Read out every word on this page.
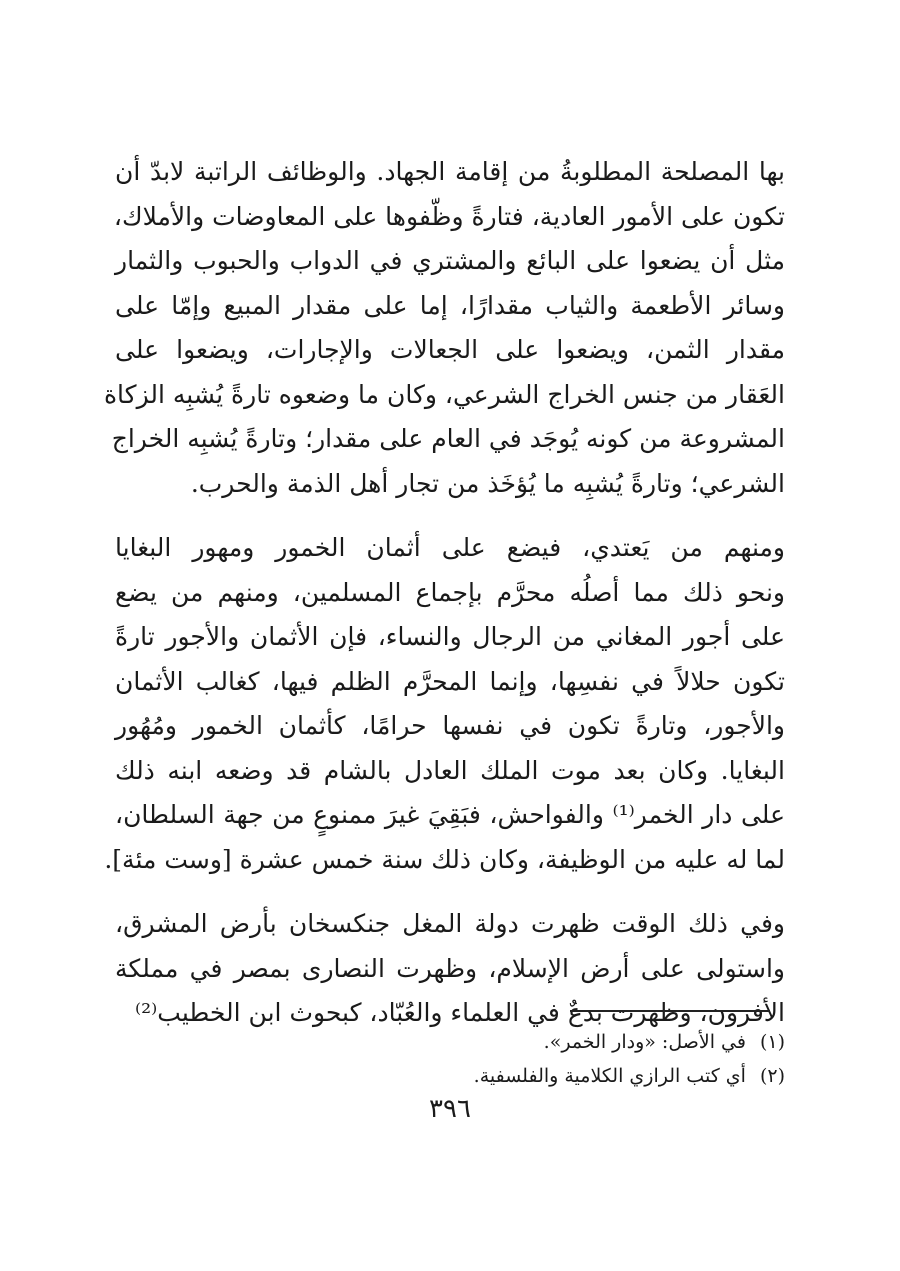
بها المصلحة المطلوبةُ من إقامة الجهاد. والوظائف الراتبة لابدّ أن
تكون على الأمور العادية، فتارةً وظّفوها على المعاوضات والأملاك،
مثل أن يضعوا على البائع والمشتري في الدواب والحبوب والثمار
وسائر الأطعمة والثياب مقدارًا، إما على مقدار المبيع وإمّا على
مقدار الثمن، ويضعوا على الجعالات والإجارات، ويضعوا على
العَقار من جنس الخراج الشرعي، وكان ما وضعوه تارةً يُشبِه الزكاة
المشروعة من كونه يُوجَد في العام على مقدار؛ وتارةً يُشبِه الخراج
الشرعي؛ وتارةً يُشبِه ما يُؤخَذ من تجار أهل الذمة والحرب.
ومنهم من يَعتدي، فيضع على أثمان الخمور ومهور البغايا
ونحو ذلك مما أصلُه محرَّم بإجماع المسلمين، ومنهم من يضع
على أجور المغاني من الرجال والنساء، فإن الأثمان والأجور تارةً
تكون حلالاً في نفسِها، وإنما المحرَّم الظلم فيها، كغالب الأثمان
والأجور، وتارةً تكون في نفسها حرامًا، كأثمان الخمور ومُهُور
البغايا. وكان بعد موت الملك العادل بالشام قد وضعه ابنه ذلك
على دار الخمر⁽¹⁾ والفواحش، فبَقِيَ غيرَ ممنوعٍ من جهة السلطان،
لما له عليه من الوظيفة، وكان ذلك سنة خمس عشرة [وست مئة].
وفي ذلك الوقت ظهرت دولة المغل جنكسخان بأرض المشرق،
واستولى على أرض الإسلام، وظهرت النصارى بمصر في مملكة
الأفرون، وظهرت بدعٌ في العلماء والعُبّاد، كبحوث ابن الخطيب⁽²⁾
(١)في الأصل: «ودار الخمر».
(٢)أي كتب الرازي الكلامية والفلسفية.
٣٩٦
